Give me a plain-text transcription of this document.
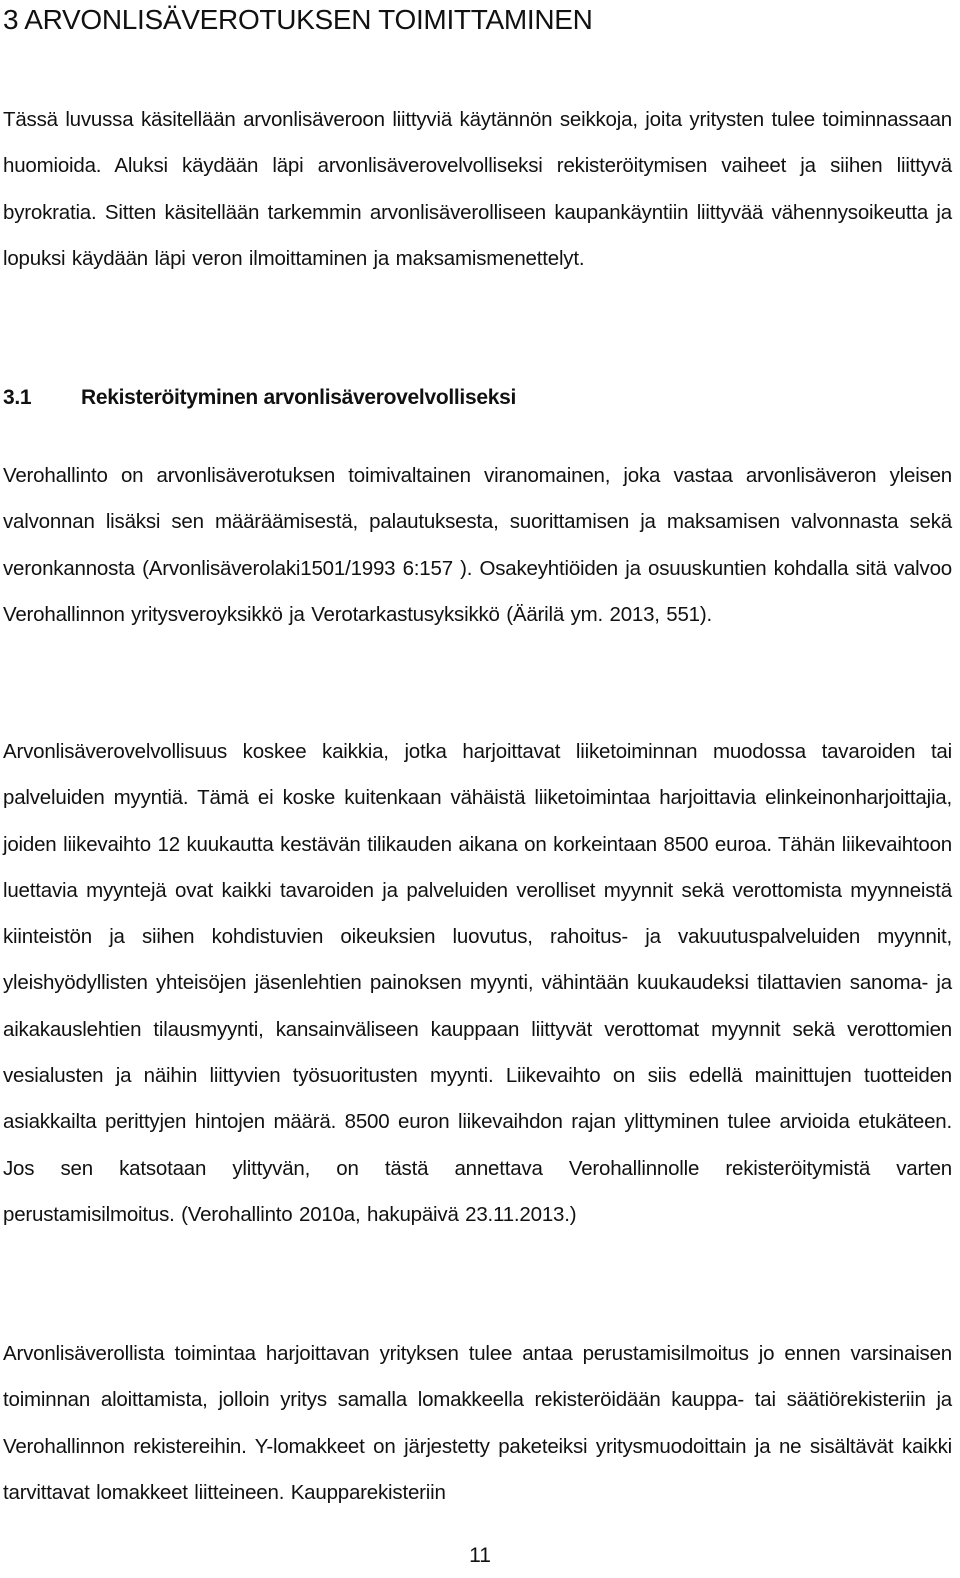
3 ARVONLISÄVEROTUKSEN TOIMITTAMINEN

Tässä luvussa käsitellään arvonlisäveroon liittyviä käytännön seikkoja, joita yritysten tulee toiminnassaan huomioida. Aluksi käydään läpi arvonlisäverovelvolliseksi rekisteröitymisen vaiheet ja siihen liittyvä byrokratia. Sitten käsitellään tarkemmin arvonlisäverolliseen kaupankäyntiin liittyvää vähennysoikeutta ja lopuksi käydään läpi veron ilmoittaminen ja maksamismenettelyt.

3.1 Rekisteröityminen arvonlisäverovelvolliseksi

Verohallinto on arvonlisäverotuksen toimivaltainen viranomainen, joka vastaa arvonlisäveron yleisen valvonnan lisäksi sen määräämisestä, palautuksesta, suorittamisen ja maksamisen valvonnasta sekä veronkannosta (Arvonlisäverolaki1501/1993 6:157 ). Osakeyhtiöiden ja osuuskuntien kohdalla sitä valvoo Verohallinnon yritysveroyksikkö ja Verotarkastusyksikkö (Äärilä ym. 2013, 551).

Arvonlisäverovelvollisuus koskee kaikkia, jotka harjoittavat liiketoiminnan muodossa tavaroiden tai palveluiden myyntiä. Tämä ei koske kuitenkaan vähäistä liiketoimintaa harjoittavia elinkeinonharjoittajia, joiden liikevaihto 12 kuukautta kestävän tilikauden aikana on korkeintaan 8500 euroa. Tähän liikevaihtoon luettavia myyntejä ovat kaikki tavaroiden ja palveluiden verolliset myynnit sekä verottomista myynneistä kiinteistön ja siihen kohdistuvien oikeuksien luovutus, rahoitus- ja vakuutuspalveluiden myynnit, yleishyödyllisten yhteisöjen jäsenlehtien painoksen myynti, vähintään kuukaudeksi tilattavien sanoma- ja aikakauslehtien tilausmyynti, kansainväliseen kauppaan liittyvät verottomat myynnit sekä verottomien vesialusten ja näihin liittyvien työsuoritusten myynti. Liikevaihto on siis edellä mainittujen tuotteiden asiakkailta perittyjen hintojen määrä. 8500 euron liikevaihdon rajan ylittyminen tulee arvioida etukäteen. Jos sen katsotaan ylittyvän, on tästä annettava Verohallinnolle rekisteröitymistä varten perustamisilmoitus. (Verohallinto 2010a, hakupäivä 23.11.2013.)

Arvonlisäverollista toimintaa harjoittavan yrityksen tulee antaa perustamisilmoitus jo ennen varsinaisen toiminnan aloittamista, jolloin yritys samalla lomakkeella rekisteröidään kauppa- tai säätiörekisteriin ja Verohallinnon rekistereihin. Y-lomakkeet on järjestetty paketeiksi yritysmuodoittain ja ne sisältävät kaikki tarvittavat lomakkeet liitteineen. Kaupparekisteriin

11
